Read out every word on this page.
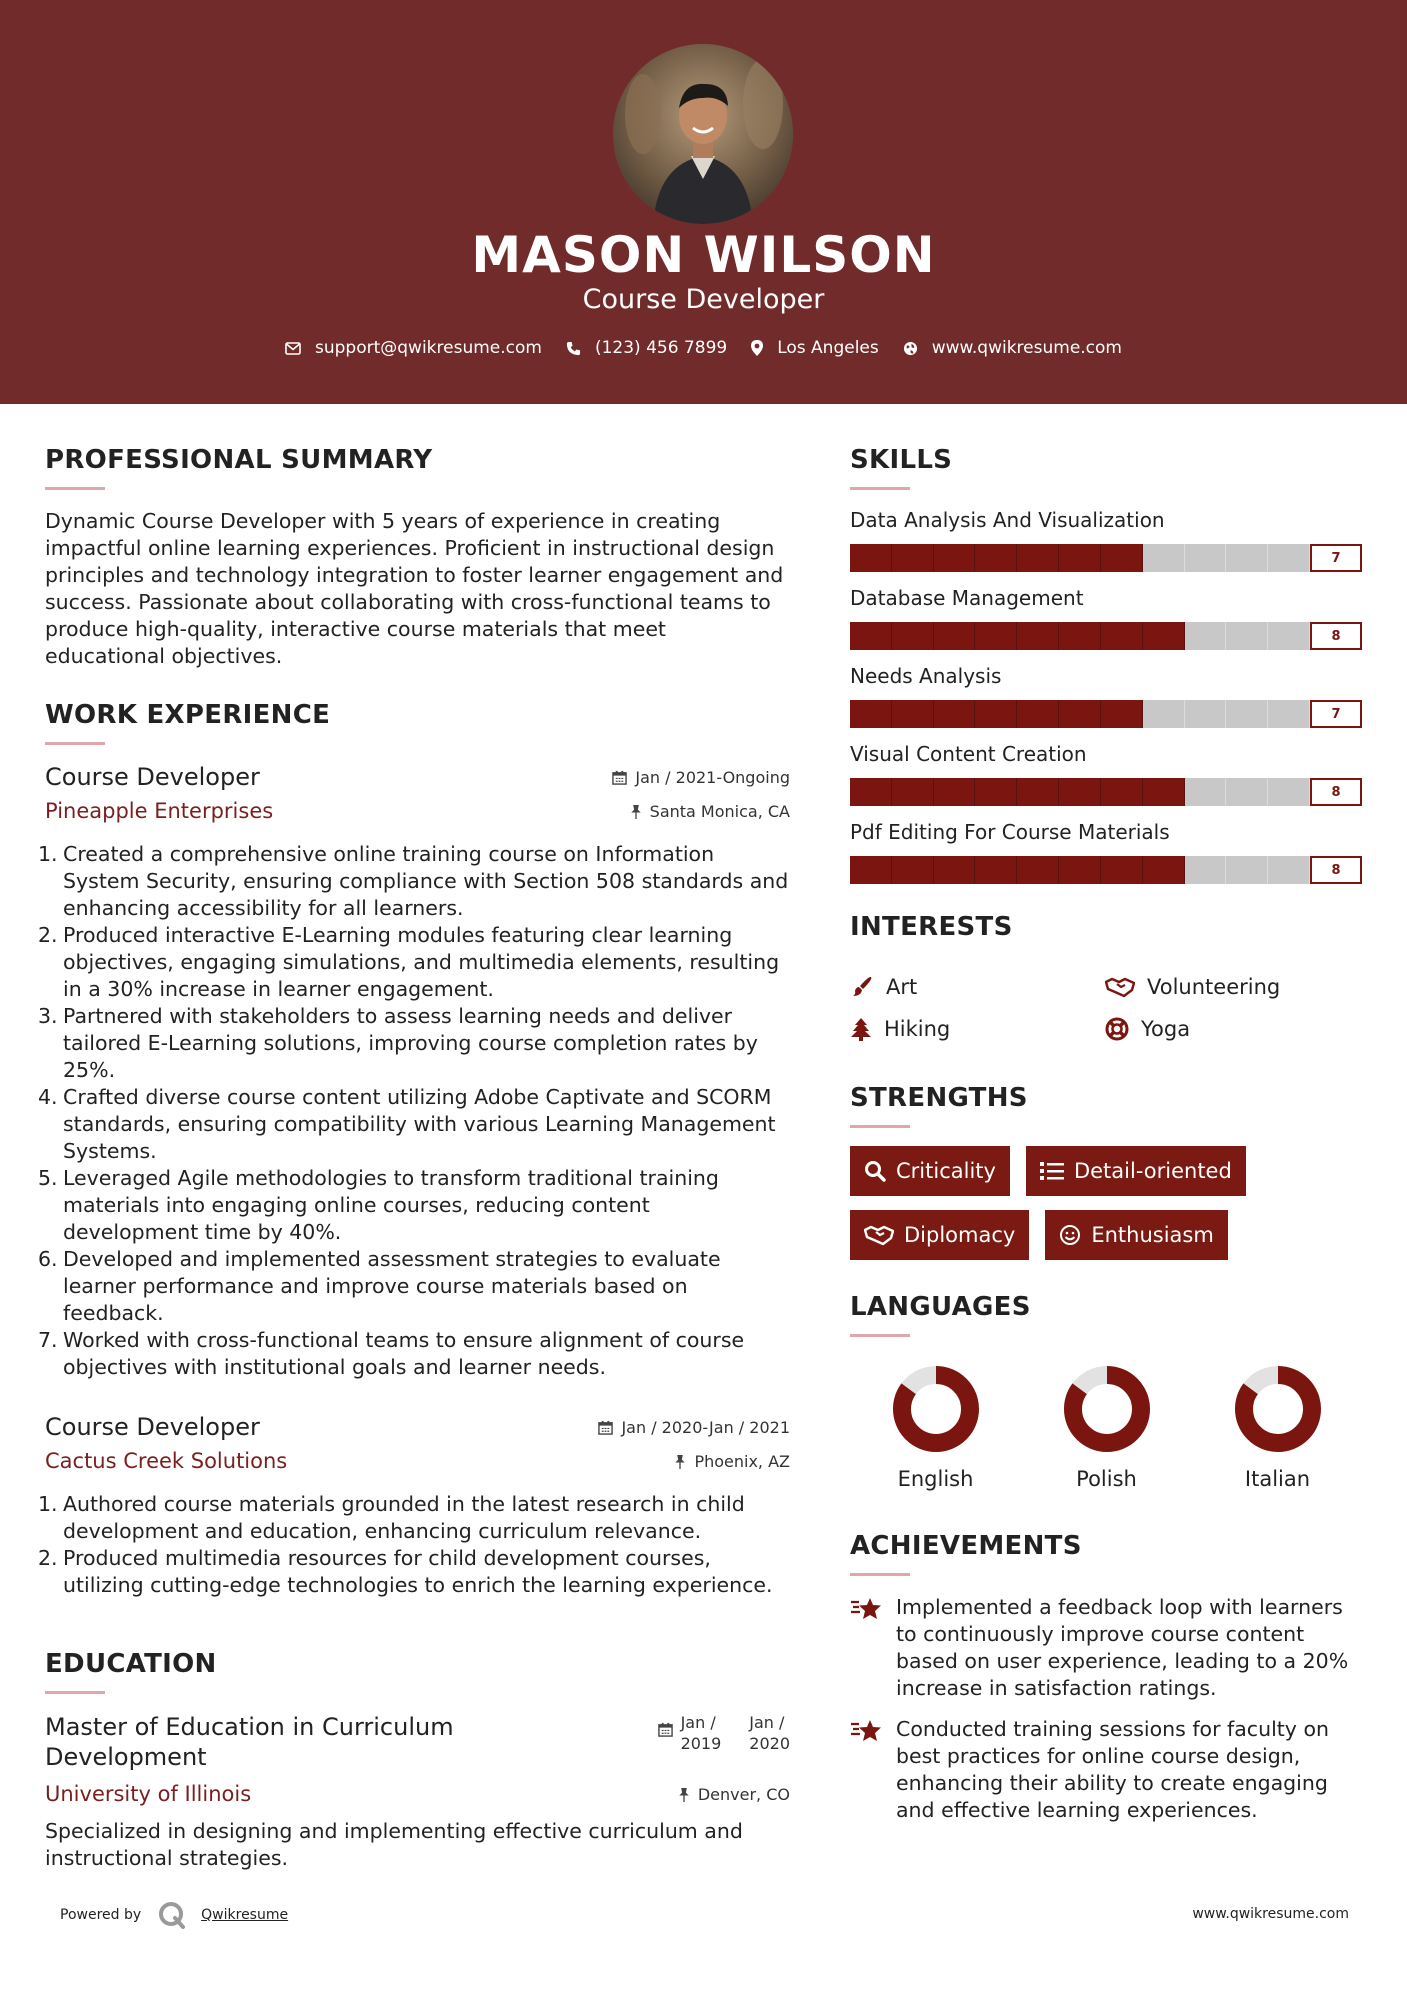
MASON WILSON
Course Developer
support@qwikresume.com	(123) 456 7899	Los Angeles	www.qwikresume.com
PROFESSIONAL SUMMARY
Dynamic Course Developer with 5 years of experience in creating impactful online learning experiences. Proficient in instructional design principles and technology integration to foster learner engagement and success. Passionate about collaborating with cross-functional teams to produce high-quality, interactive course materials that meet educational objectives.
WORK EXPERIENCE
Course Developer	Jan / 2021-Ongoing
Pineapple Enterprises	Santa Monica, CA
1. Created a comprehensive online training course on Information System Security, ensuring compliance with Section 508 standards and enhancing accessibility for all learners.
2. Produced interactive E-Learning modules featuring clear learning objectives, engaging simulations, and multimedia elements, resulting in a 30% increase in learner engagement.
3. Partnered with stakeholders to assess learning needs and deliver tailored E-Learning solutions, improving course completion rates by 25%.
4. Crafted diverse course content utilizing Adobe Captivate and SCORM standards, ensuring compatibility with various Learning Management Systems.
5. Leveraged Agile methodologies to transform traditional training materials into engaging online courses, reducing content development time by 40%.
6. Developed and implemented assessment strategies to evaluate learner performance and improve course materials based on feedback.
7. Worked with cross-functional teams to ensure alignment of course objectives with institutional goals and learner needs.
Course Developer	Jan / 2020-Jan / 2021
Cactus Creek Solutions	Phoenix, AZ
1. Authored course materials grounded in the latest research in child development and education, enhancing curriculum relevance.
2. Produced multimedia resources for child development courses, utilizing cutting-edge technologies to enrich the learning experience.
EDUCATION
Master of Education in Curriculum Development
Jan /
2019
Jan /
2020
University of Illinois	Denver, CO
Specialized in designing and implementing effective curriculum and instructional strategies.
SKILLS
Data Analysis And Visualization
7
Database Management
8
Needs Analysis
7
Visual Content Creation
8
Pdf Editing For Course Materials
8
INTERESTS
Art	Volunteering
Hiking	Yoga
STRENGTHS
Criticality	Detail-oriented
Diplomacy	Enthusiasm
LANGUAGES
English	Polish	Italian
ACHIEVEMENTS
Implemented a feedback loop with learners to continuously improve course content based on user experience, leading to a 20% increase in satisfaction ratings.
Conducted training sessions for faculty on best practices for online course design, enhancing their ability to create engaging and effective learning experiences.
Powered by	Qwikresume	www.qwikresume.com
